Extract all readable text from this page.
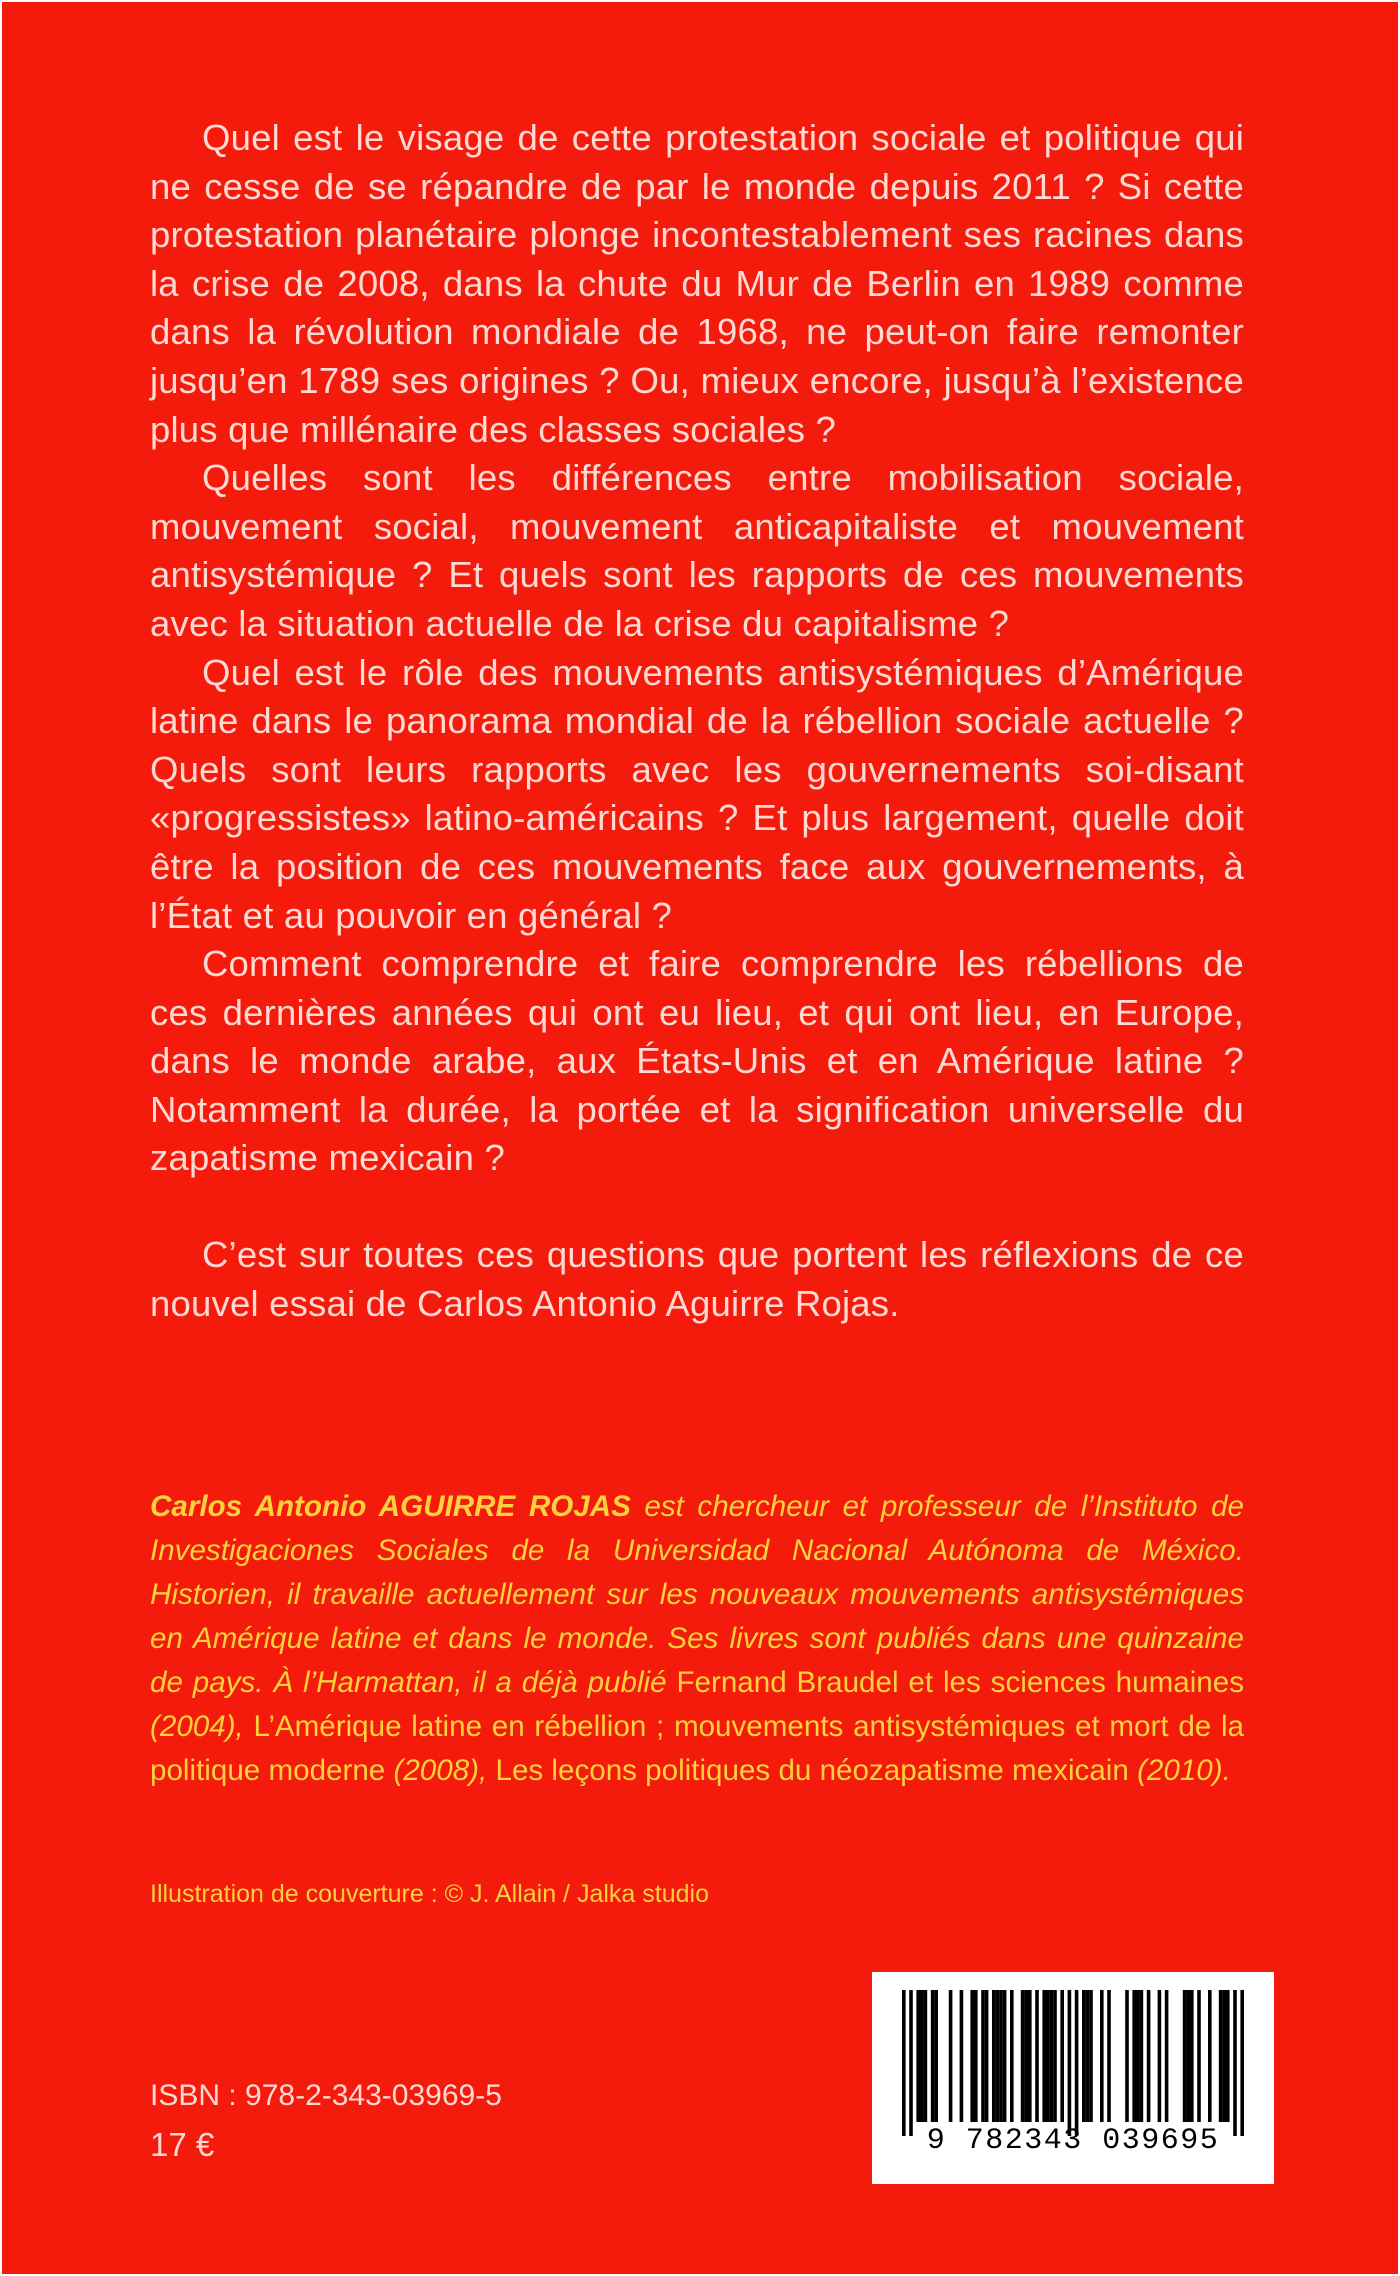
Quel est le visage de cette protestation sociale et politique qui ne cesse de se répandre de par le monde depuis 2011 ? Si cette protestation planétaire plonge incontestablement ses racines dans la crise de 2008, dans la chute du Mur de Berlin en 1989 comme dans la révolution mondiale de 1968, ne peut-on faire remonter jusqu’en 1789 ses origines ? Ou, mieux encore, jusqu’à l’existence plus que millénaire des classes sociales ?

Quelles sont les différences entre mobilisation sociale, mouvement social, mouvement anticapitaliste et mouvement antisystémique ? Et quels sont les rapports de ces mouvements avec la situation actuelle de la crise du capitalisme ?

Quel est le rôle des mouvements antisystémiques d’Amérique latine dans le panorama mondial de la rébellion sociale actuelle ? Quels sont leurs rapports avec les gouvernements soi-disant «progressistes» latino-américains ? Et plus largement, quelle doit être la position de ces mouvements face aux gouvernements, à l’État et au pouvoir en général ?

Comment comprendre et faire comprendre les rébellions de ces dernières années qui ont eu lieu, et qui ont lieu, en Europe, dans le monde arabe, aux États-Unis et en Amérique latine ? Notamment la durée, la portée et la signification universelle du zapatisme mexicain ?

C’est sur toutes ces questions que portent les réflexions de ce nouvel essai de Carlos Antonio Aguirre Rojas.

Carlos Antonio AGUIRRE ROJAS est chercheur et professeur de l’Instituto de Investigaciones Sociales de la Universidad Nacional Autónoma de México. Historien, il travaille actuellement sur les nouveaux mouvements antisystémiques en Amérique latine et dans le monde. Ses livres sont publiés dans une quinzaine de pays. À l’Harmattan, il a déjà publié Fernand Braudel et les sciences humaines (2004), L’Amérique latine en rébellion ; mouvements antisystémiques et mort de la politique moderne (2008), Les leçons politiques du néozapatisme mexicain (2010).

Illustration de couverture : © J. Allain / Jalka studio

ISBN : 978-2-343-03969-5

17 €	9 782343 039695
